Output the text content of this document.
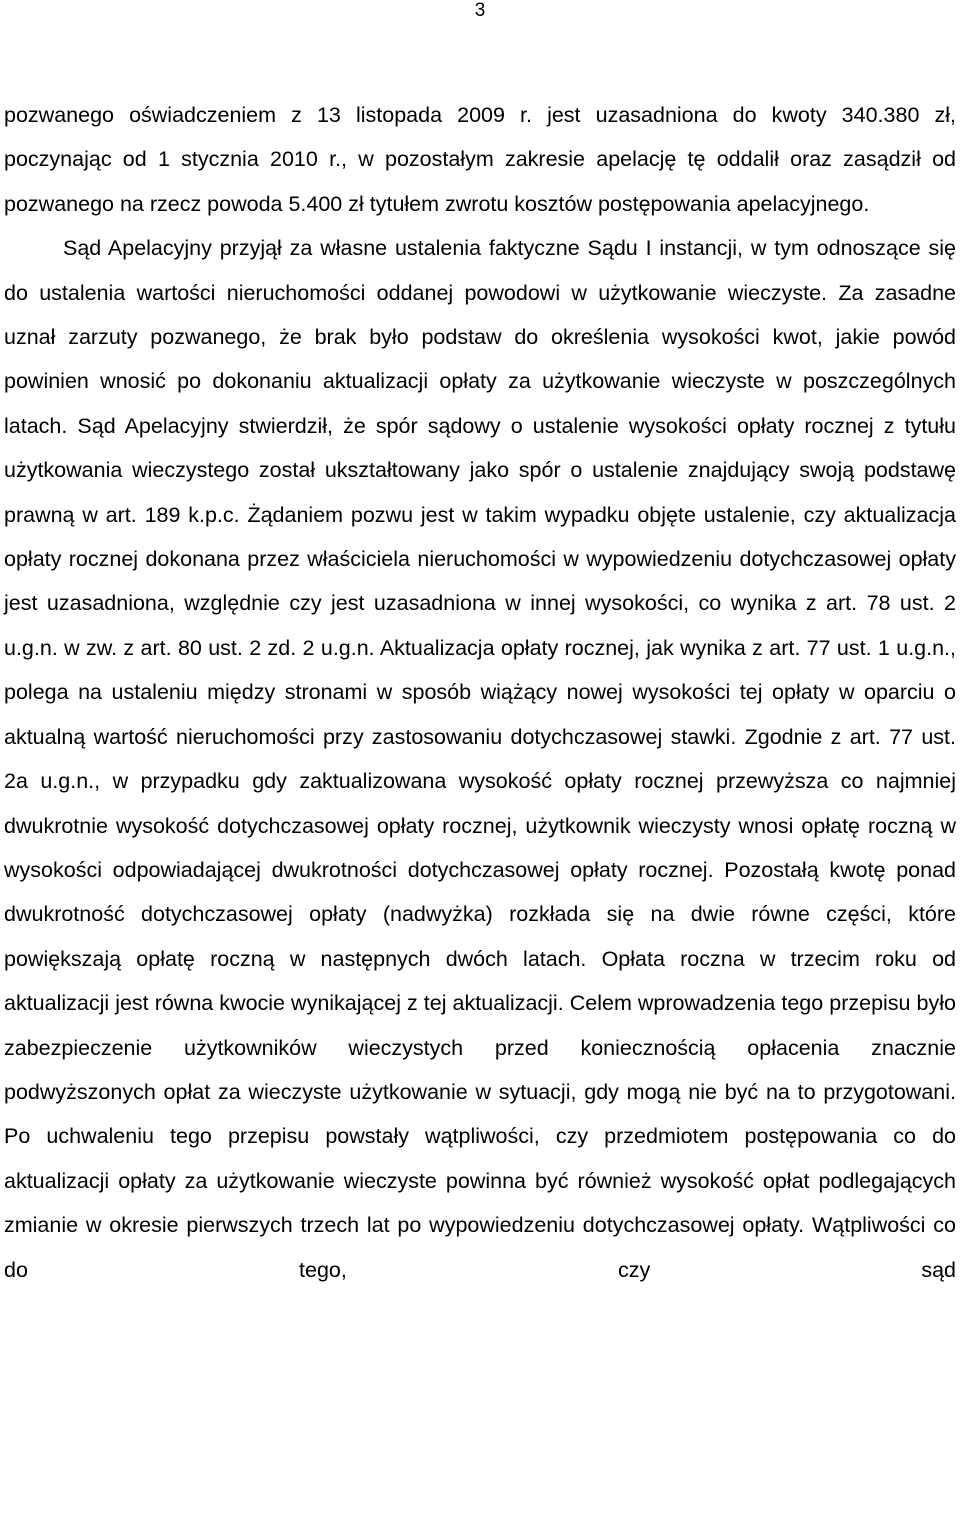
3

pozwanego oświadczeniem z 13 listopada 2009 r. jest uzasadniona do kwoty 340.380 zł, poczynając od 1 stycznia 2010 r., w pozostałym zakresie apelację tę oddalił oraz zasądził od pozwanego na rzecz powoda 5.400 zł tytułem zwrotu kosztów postępowania apelacyjnego.

Sąd Apelacyjny przyjął za własne ustalenia faktyczne Sądu I instancji, w tym odnoszące się do ustalenia wartości nieruchomości oddanej powodowi w użytkowanie wieczyste. Za zasadne uznał zarzuty pozwanego, że brak było podstaw do określenia wysokości kwot, jakie powód powinien wnosić po dokonaniu aktualizacji opłaty za użytkowanie wieczyste w poszczególnych latach. Sąd Apelacyjny stwierdził, że spór sądowy o ustalenie wysokości opłaty rocznej z tytułu użytkowania wieczystego został ukształtowany jako spór o ustalenie znajdujący swoją podstawę prawną w art. 189 k.p.c. Żądaniem pozwu jest w takim wypadku objęte ustalenie, czy aktualizacja opłaty rocznej dokonana przez właściciela nieruchomości w wypowiedzeniu dotychczasowej opłaty jest uzasadniona, względnie czy jest uzasadniona w innej wysokości, co wynika z art. 78 ust. 2 u.g.n. w zw. z art. 80 ust. 2 zd. 2 u.g.n. Aktualizacja opłaty rocznej, jak wynika z art. 77 ust. 1 u.g.n., polega na ustaleniu między stronami w sposób wiążący nowej wysokości tej opłaty w oparciu o aktualną wartość nieruchomości przy zastosowaniu dotychczasowej stawki. Zgodnie z art. 77 ust. 2a u.g.n., w przypadku gdy zaktualizowana wysokość opłaty rocznej przewyższa co najmniej dwukrotnie wysokość dotychczasowej opłaty rocznej, użytkownik wieczysty wnosi opłatę roczną w wysokości odpowiadającej dwukrotności dotychczasowej opłaty rocznej. Pozostałą kwotę ponad dwukrotność dotychczasowej opłaty (nadwyżka) rozkłada się na dwie równe części, które powiększają opłatę roczną w następnych dwóch latach. Opłata roczna w trzecim roku od aktualizacji jest równa kwocie wynikającej z tej aktualizacji. Celem wprowadzenia tego przepisu było zabezpieczenie użytkowników wieczystych przed koniecznością opłacenia znacznie podwyższonych opłat za wieczyste użytkowanie w sytuacji, gdy mogą nie być na to przygotowani. Po uchwaleniu tego przepisu powstały wątpliwości, czy przedmiotem postępowania co do aktualizacji opłaty za użytkowanie wieczyste powinna być również wysokość opłat podlegających zmianie w okresie pierwszych trzech lat po wypowiedzeniu dotychczasowej opłaty. Wątpliwości co do tego, czy sąd
